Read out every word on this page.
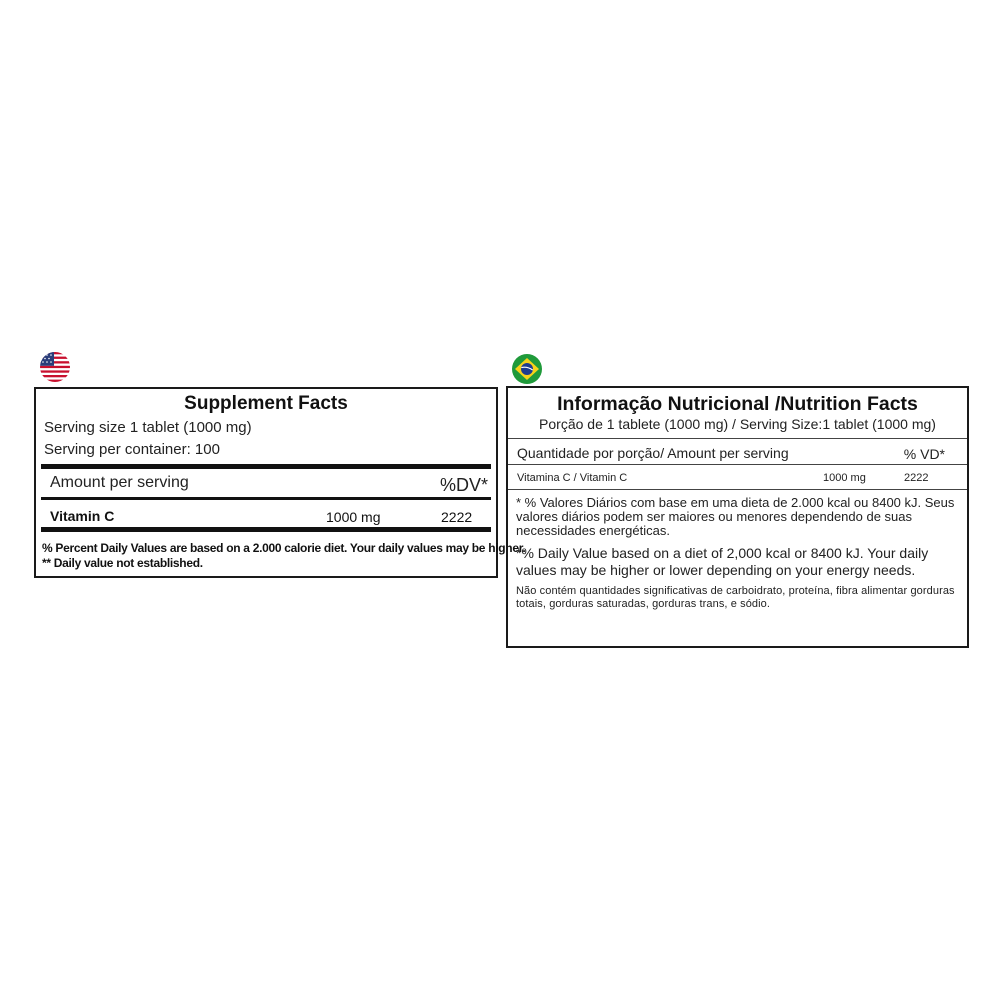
Supplement Facts
Serving size 1 tablet (1000 mg)
Serving per container: 100
Amount per serving	%DV*
Vitamin C	1000 mg	2222
% Percent Daily Values are based on a 2.000 calorie diet. Your daily values may be higher.
** Daily value not established.
Informação Nutricional /Nutrition Facts
Porção de 1 tablete (1000 mg) / Serving Size:1 tablet (1000 mg)
Quantidade por porção/ Amount per serving	% VD*
Vitamina C / Vitamin C	1000 mg	2222
* % Valores Diários com base em uma dieta de 2.000 kcal ou 8400 kJ. Seus valores diários podem ser maiores ou menores dependendo de suas necessidades energéticas.
*% Daily Value based on a diet of 2,000 kcal or 8400 kJ. Your daily values may be higher or lower depending on your energy needs.
Não contém quantidades significativas de carboidrato, proteína, fibra alimentar gorduras totais, gorduras saturadas, gorduras trans, e sódio.
